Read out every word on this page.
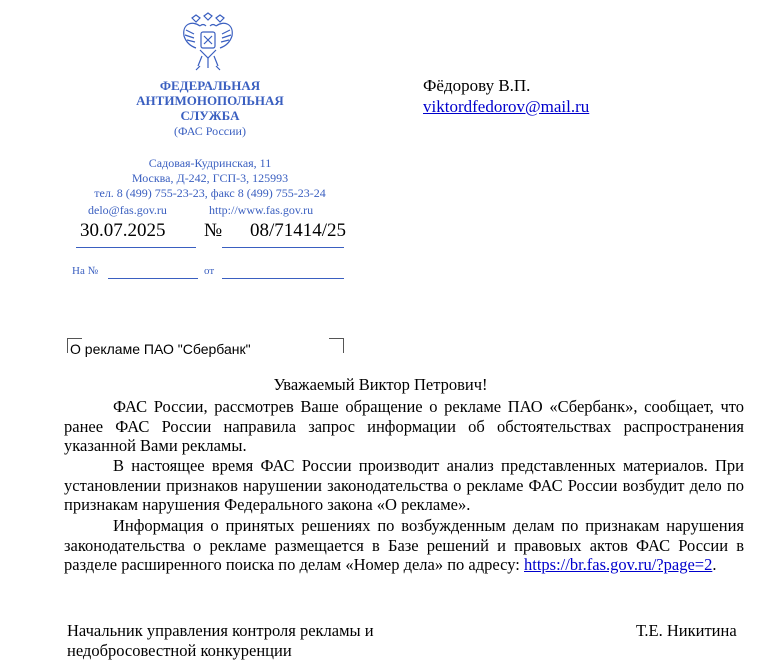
ФЕДЕРАЛЬНАЯ
АНТИМОНОПОЛЬНАЯ
СЛУЖБА
(ФАС России)
Садовая-Кудринская, 11
Москва, Д-242, ГСП-3, 125993
тел. 8 (499) 755-23-23, факс 8 (499) 755-23-24
delo@fas.gov.ru	http://www.fas.gov.ru
30.07.2025 № 08/71414/25
На №	от
Фёдорову В.П.
viktordfedorov@mail.ru
О рекламе ПАО "Сбербанк"
Уважаемый Виктор Петрович!
ФАС России, рассмотрев Ваше обращение о рекламе ПАО «Сбербанк», сообщает, что ранее ФАС России направила запрос информации об обстоятельствах распространения указанной Вами рекламы.
В настоящее время ФАС России производит анализ представленных материалов. При установлении признаков нарушении законодательства о рекламе ФАС России возбудит дело по признакам нарушения Федерального закона «О рекламе».
Информация о принятых решениях по возбужденным делам по признакам нарушения законодательства о рекламе размещается в Базе решений и правовых актов ФАС России в разделе расширенного поиска по делам «Номер дела» по адресу: https://br.fas.gov.ru/?page=2.
Начальник управления контроля рекламы и недобросовестной конкуренции
Т.Е. Никитина
